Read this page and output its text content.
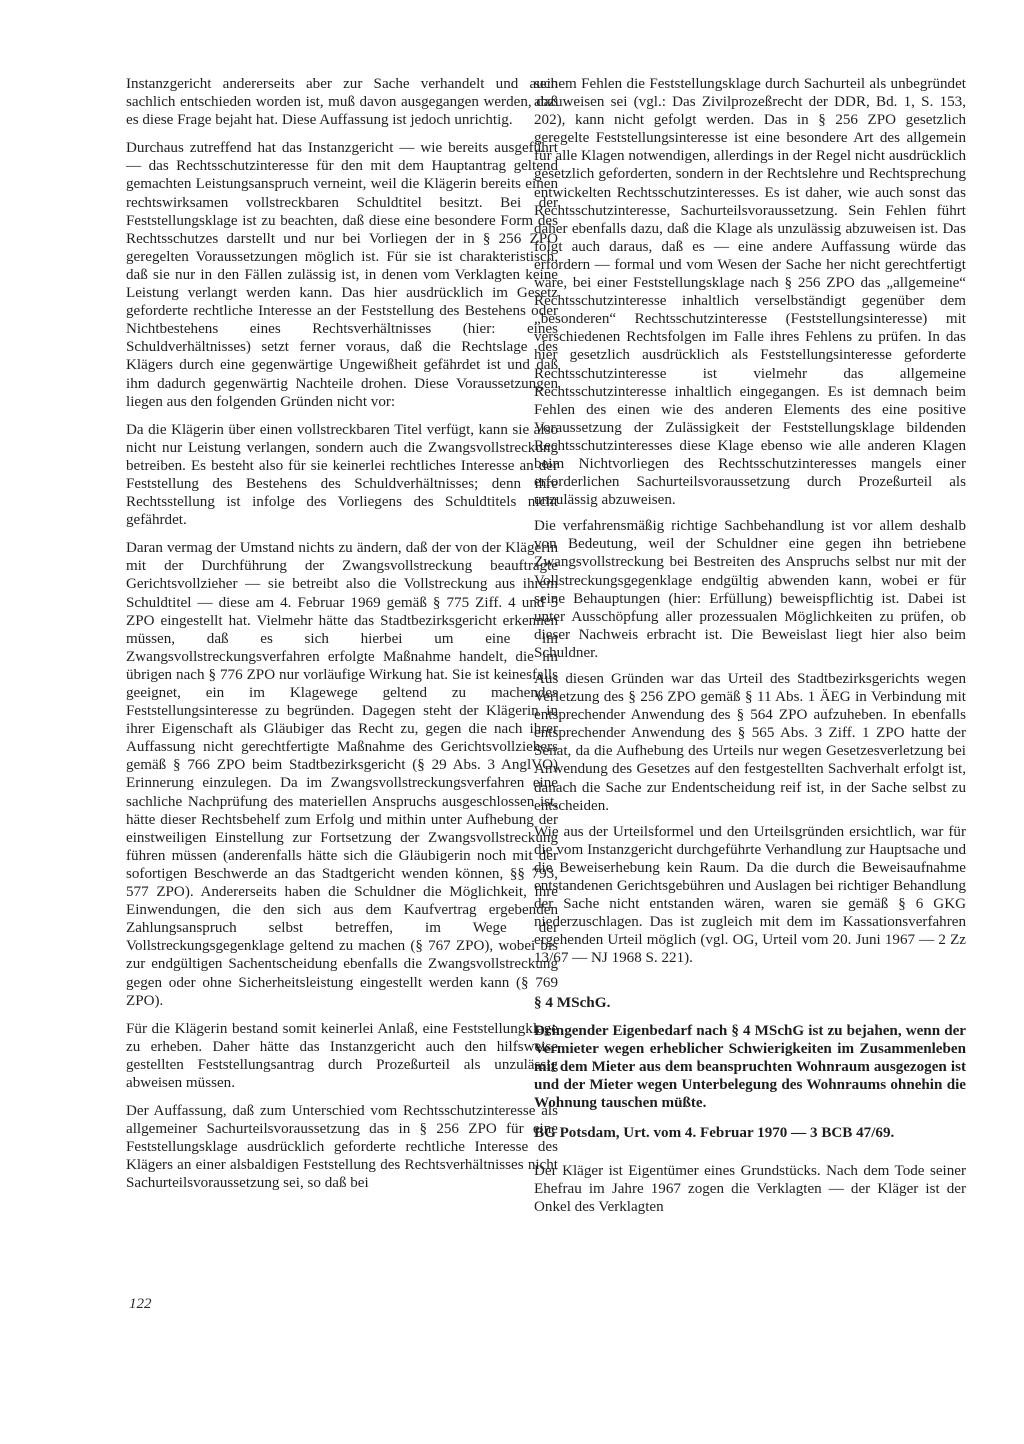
Instanzgericht andererseits aber zur Sache verhandelt und auch sachlich entschieden worden ist, muß davon ausgegangen werden, daß es diese Frage bejaht hat. Diese Auffassung ist jedoch unrichtig.

Durchaus zutreffend hat das Instanzgericht — wie bereits ausgeführt — das Rechtsschutzinteresse für den mit dem Hauptantrag geltend gemachten Leistungsanspruch verneint, weil die Klägerin bereits einen rechtswirksamen vollstreckbaren Schuldtitel besitzt. Bei der Feststellungsklage ist zu beachten, daß diese eine besondere Form des Rechtsschutzes darstellt und nur bei Vorliegen der in § 256 ZPO geregelten Voraussetzungen möglich ist. Für sie ist charakteristisch, daß sie nur in den Fällen zulässig ist, in denen vom Verklagten keine Leistung verlangt werden kann. Das hier ausdrücklich im Gesetz geforderte rechtliche Interesse an der Feststellung des Bestehens oder Nichtbestehens eines Rechtsverhältnisses (hier: eines Schuldverhältnisses) setzt ferner voraus, daß die Rechtslage des Klägers durch eine gegenwärtige Ungewißheit gefährdet ist und daß ihm dadurch gegenwärtig Nachteile drohen. Diese Voraussetzungen liegen aus den folgenden Gründen nicht vor:

Da die Klägerin über einen vollstreckbaren Titel verfügt, kann sie also nicht nur Leistung verlangen, sondern auch die Zwangsvollstreckung betreiben. Es besteht also für sie keinerlei rechtliches Interesse an der Feststellung des Bestehens des Schuldverhältnisses; denn ihre Rechtsstellung ist infolge des Vorliegens des Schuldtitels nicht gefährdet.

Daran vermag der Umstand nichts zu ändern, daß der von der Klägerin mit der Durchführung der Zwangsvollstreckung beauftragte Gerichtsvollzieher — sie betreibt also die Vollstreckung aus ihrem Schuldtitel — diese am 4. Februar 1969 gemäß § 775 Ziff. 4 und 5 ZPO eingestellt hat. Vielmehr hätte das Stadtbezirksgericht erkennen müssen, daß es sich hierbei um eine im Zwangsvollstreckungsverfahren erfolgte Maßnahme handelt, die im übrigen nach § 776 ZPO nur vorläufige Wirkung hat. Sie ist keinesfalls geeignet, ein im Klagewege geltend zu machendes Feststellungsinteresse zu begründen. Dagegen steht der Klägerin in ihrer Eigenschaft als Gläubiger das Recht zu, gegen die nach ihrer Auffassung nicht gerechtfertigte Maßnahme des Gerichtsvollziehers gemäß § 766 ZPO beim Stadtbezirksgericht (§ 29 Abs. 3 AnglVO) Erinnerung einzulegen. Da im Zwangsvollstreckungsverfahren eine sachliche Nachprüfung des materiellen Anspruchs ausgeschlossen ist, hätte dieser Rechtsbehelf zum Erfolg und mithin unter Aufhebung der einstweiligen Einstellung zur Fortsetzung der Zwangsvollstreckung führen müssen (anderenfalls hätte sich die Gläubigerin noch mit der sofortigen Beschwerde an das Stadtgericht wenden können, §§ 793, 577 ZPO). Andererseits haben die Schuldner die Möglichkeit, ihre Einwendungen, die den sich aus dem Kaufvertrag ergebenden Zahlungsanspruch selbst betreffen, im Wege der Vollstreckungsgegenklage geltend zu machen (§ 767 ZPO), wobei bis zur endgültigen Sachentscheidung ebenfalls die Zwangsvollstreckung gegen oder ohne Sicherheitsleistung eingestellt werden kann (§ 769 ZPO).

Für die Klägerin bestand somit keinerlei Anlaß, eine Feststellungklage zu erheben. Daher hätte das Instanzgericht auch den hilfsweise gestellten Feststellungsantrag durch Prozeßurteil als unzulässig abweisen müssen.

Der Auffassung, daß zum Unterschied vom Rechtsschutzinteresse als allgemeiner Sachurteilsvoraussetzung das in § 256 ZPO für eine Feststellungsklage ausdrücklich geforderte rechtliche Interesse des Klägers an einer alsbaldigen Feststellung des Rechtsverhältnisses nicht Sachurteilsvoraussetzung sei, so daß bei

seinem Fehlen die Feststellungsklage durch Sachurteil als unbegründet abzuweisen sei (vgl.: Das Zivilprozeßrecht der DDR, Bd. 1, S. 153, 202), kann nicht gefolgt werden. Das in § 256 ZPO gesetzlich geregelte Feststellungsinteresse ist eine besondere Art des allgemein für alle Klagen notwendigen, allerdings in der Regel nicht ausdrücklich gesetzlich geforderten, sondern in der Rechtslehre und Rechtsprechung entwickelten Rechtsschutzinteresses. Es ist daher, wie auch sonst das Rechtsschutzinteresse, Sachurteilsvoraussetzung. Sein Fehlen führt daher ebenfalls dazu, daß die Klage als unzulässig abzuweisen ist. Das folgt auch daraus, daß es — eine andere Auffassung würde das erfordern — formal und vom Wesen der Sache her nicht gerechtfertigt wäre, bei einer Feststellungsklage nach § 256 ZPO das „allgemeine“ Rechtsschutzinteresse inhaltlich verselbständigt gegenüber dem „besonderen“ Rechtsschutzinteresse (Feststellungsinteresse) mit verschiedenen Rechtsfolgen im Falle ihres Fehlens zu prüfen. In das hier gesetzlich ausdrücklich als Feststellungsinteresse geforderte Rechtsschutzinteresse ist vielmehr das allgemeine Rechtsschutzinteresse inhaltlich eingegangen. Es ist demnach beim Fehlen des einen wie des anderen Elements des eine positive Voraussetzung der Zulässigkeit der Feststellungsklage bildenden Rechtsschutzinteresses diese Klage ebenso wie alle anderen Klagen beim Nichtvorliegen des Rechtsschutzinteresses mangels einer erforderlichen Sachurteilsvoraussetzung durch Prozeßurteil als unzulässig abzuweisen.

Die verfahrensmäßig richtige Sachbehandlung ist vor allem deshalb von Bedeutung, weil der Schuldner eine gegen ihn betriebene Zwangsvollstreckung bei Bestreiten des Anspruchs selbst nur mit der Vollstreckungsgegenklage endgültig abwenden kann, wobei er für seine Behauptungen (hier: Erfüllung) beweispflichtig ist. Dabei ist unter Ausschöpfung aller prozessualen Möglichkeiten zu prüfen, ob dieser Nachweis erbracht ist. Die Beweislast liegt hier also beim Schuldner.

Aus diesen Gründen war das Urteil des Stadtbezirksgerichts wegen Verletzung des § 256 ZPO gemäß § 11 Abs. 1 ÄEG in Verbindung mit entsprechender Anwendung des § 564 ZPO aufzuheben. In ebenfalls entsprechender Anwendung des § 565 Abs. 3 Ziff. 1 ZPO hatte der Senat, da die Aufhebung des Urteils nur wegen Gesetzesverletzung bei Anwendung des Gesetzes auf den festgestellten Sachverhalt erfolgt ist, danach die Sache zur Endentscheidung reif ist, in der Sache selbst zu entscheiden.

Wie aus der Urteilsformel und den Urteilsgründen ersichtlich, war für die vom Instanzgericht durchgeführte Verhandlung zur Hauptsache und die Beweiserhebung kein Raum. Da die durch die Beweisaufnahme entstandenen Gerichtsgebühren und Auslagen bei richtiger Behandlung der Sache nicht entstanden wären, waren sie gemäß § 6 GKG niederzuschlagen. Das ist zugleich mit dem im Kassationsverfahren ergehenden Urteil möglich (vgl. OG, Urteil vom 20. Juni 1967 — 2 Zz 13/67 — NJ 1968 S. 221).

§ 4 MSchG.
Dringender Eigenbedarf nach § 4 MSchG ist zu bejahen, wenn der Vermieter wegen erheblicher Schwierigkeiten im Zusammenleben mit dem Mieter aus dem beanspruchten Wohnraum ausgezogen ist und der Mieter wegen Unterbelegung des Wohnraums ohnehin die Wohnung tauschen müßte.
BG Potsdam, Urt. vom 4. Februar 1970 — 3 BCB 47/69.

Der Kläger ist Eigentümer eines Grundstücks. Nach dem Tode seiner Ehefrau im Jahre 1967 zogen die Verklagten — der Kläger ist der Onkel des Verklagten

122
